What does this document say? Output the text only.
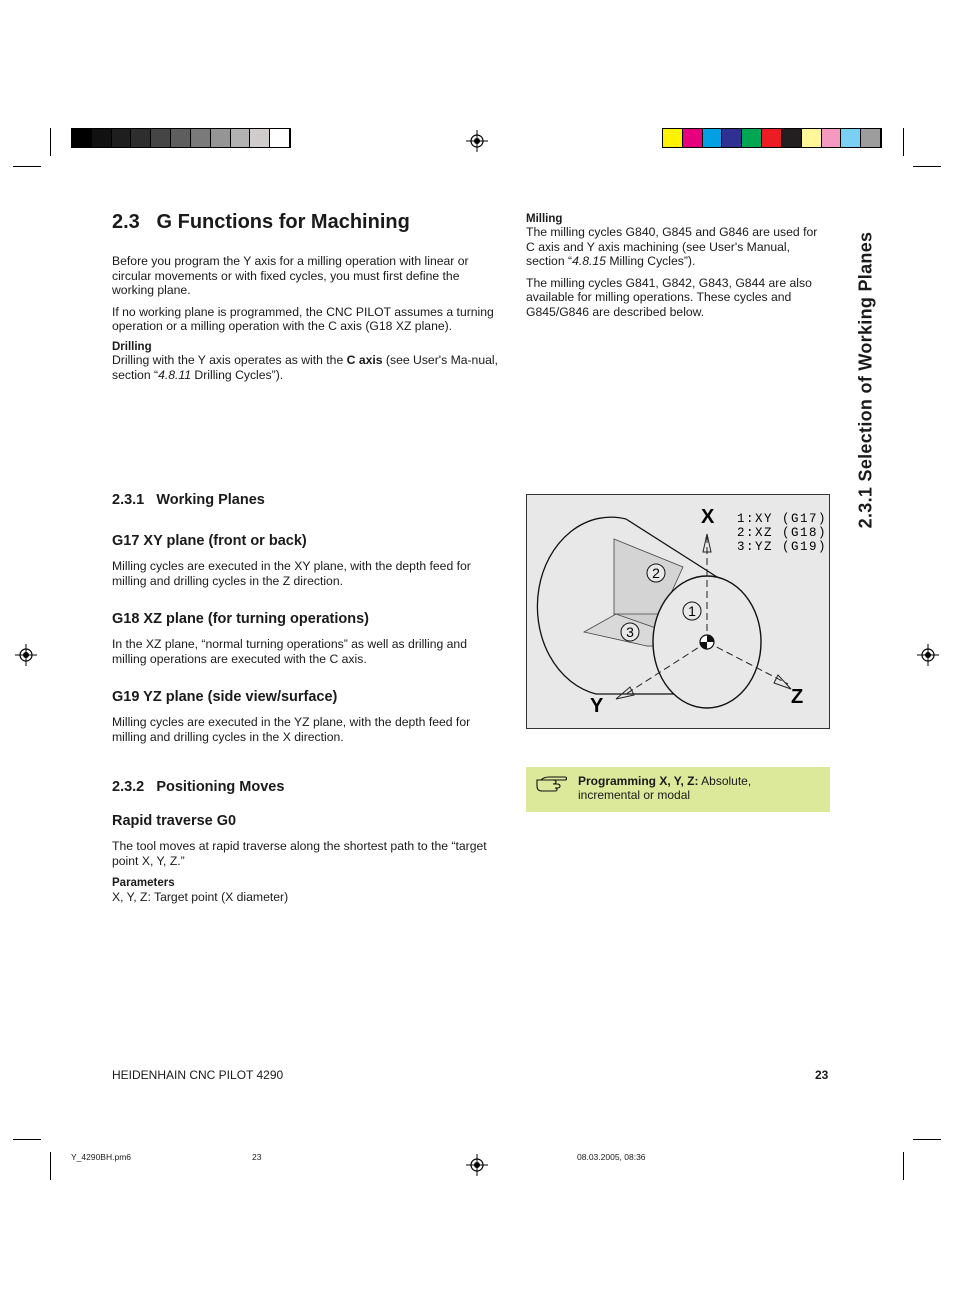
2.3 G Functions for Machining

Before you program the Y axis for a milling operation with linear or circular movements or with fixed cycles, you must first define the working plane.

If no working plane is programmed, the CNC PILOT assumes a turning operation or a milling operation with the C axis (G18 XZ plane).

Drilling

Drilling with the Y axis operates as with the C axis (see User's Ma-nual, section “4.8.11 Drilling Cycles”).

Milling

The milling cycles G840, G845 and G846 are used for C axis and Y axis machining (see User's Manual, section “4.8.15 Milling Cycles”).

The milling cycles G841, G842, G843, G844 are also available for milling operations. These cycles and G845/G846 are described below.	2.3.1 Selection of Working Planes

2.3.1 Working Planes

G17 XY plane (front or back)

Milling cycles are executed in the XY plane, with the depth feed for milling and drilling cycles in the Z direction.

G18 XZ plane (for turning operations)

In the XZ plane, “normal turning operations” as well as drilling and milling operations are executed with the C axis.

G19 YZ plane (side view/surface)

Milling cycles are executed in the YZ plane, with the depth feed for milling and drilling cycles in the X direction.

2.3.2 Positioning Moves

Rapid traverse G0

The tool moves at rapid traverse along the shortest path to the “target point X, Y, Z.”

Parameters

X, Y, Z: Target point (X diameter)

2
1
3
X
Y	Z
1:XY (G17)
2:XZ (G18)
3:YZ (G19)
Programming X, Y, Z: Absolute,
incremental or modal
HEIDENHAIN CNC PILOT 4290	23
Y_4290BH.pm6	23	08.03.2005, 08:36
